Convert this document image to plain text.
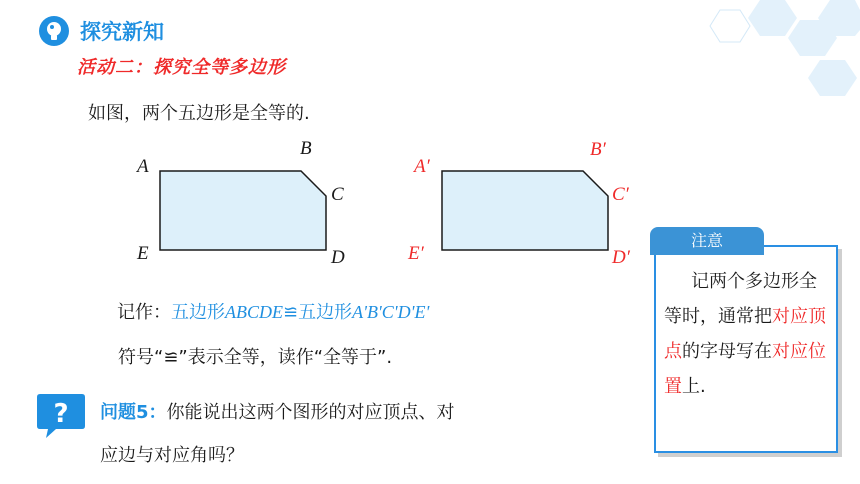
探究新知
活动二：探究全等多边形
如图，两个五边形是全等的.
A
B
C
D
E
A′
B′
C′
D′
E′
记作：五边形ABCDE≌五边形A'B'C'D'E'
符号“≌”表示全等，读作“全等于”.
? 问题5：你能说出这两个图形的对应顶点、对
应边与对应角吗？
注意
  记两个多边形全等时，通常把对应顶点的字母写在对应位置上.
